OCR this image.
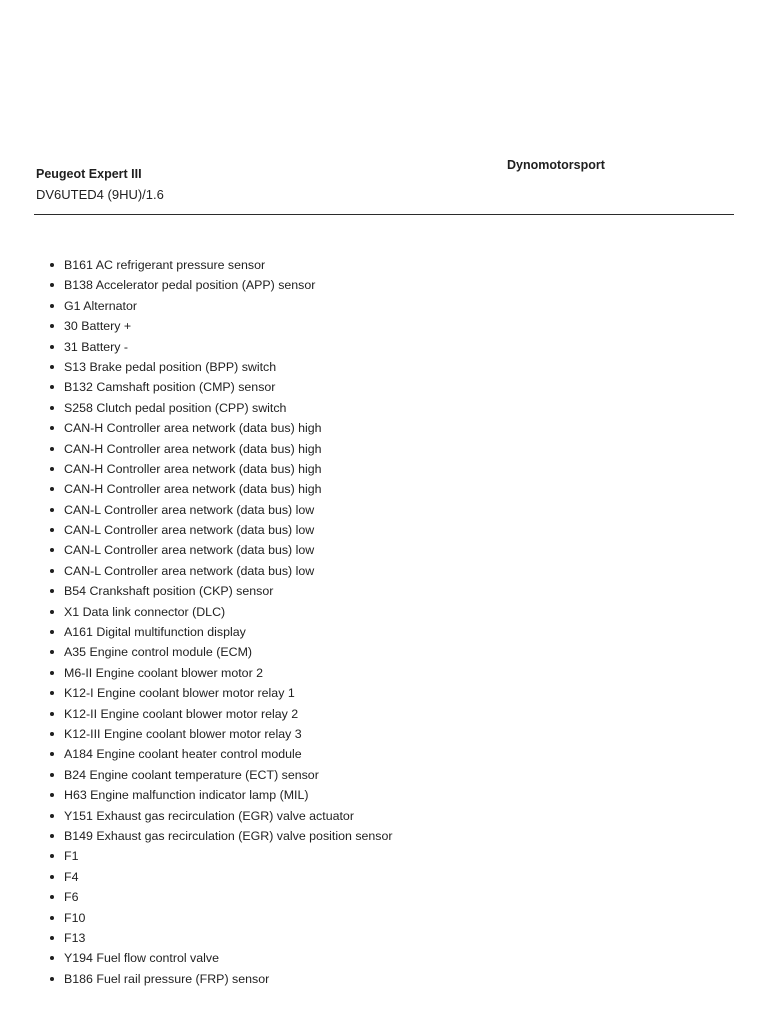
Peugeot Expert III
DV6UTED4 (9HU)/1.6
Dynomotorsport
B161 AC refrigerant pressure sensor
B138 Accelerator pedal position (APP) sensor
G1 Alternator
30 Battery +
31 Battery -
S13 Brake pedal position (BPP) switch
B132 Camshaft position (CMP) sensor
S258 Clutch pedal position (CPP) switch
CAN-H Controller area network (data bus) high
CAN-H Controller area network (data bus) high
CAN-H Controller area network (data bus) high
CAN-H Controller area network (data bus) high
CAN-L Controller area network (data bus) low
CAN-L Controller area network (data bus) low
CAN-L Controller area network (data bus) low
CAN-L Controller area network (data bus) low
B54 Crankshaft position (CKP) sensor
X1 Data link connector (DLC)
A161 Digital multifunction display
A35 Engine control module (ECM)
M6-II Engine coolant blower motor 2
K12-I Engine coolant blower motor relay 1
K12-II Engine coolant blower motor relay 2
K12-III Engine coolant blower motor relay 3
A184 Engine coolant heater control module
B24 Engine coolant temperature (ECT) sensor
H63 Engine malfunction indicator lamp (MIL)
Y151 Exhaust gas recirculation (EGR) valve actuator
B149 Exhaust gas recirculation (EGR) valve position sensor
F1
F4
F6
F10
F13
Y194 Fuel flow control valve
B186 Fuel rail pressure (FRP) sensor
